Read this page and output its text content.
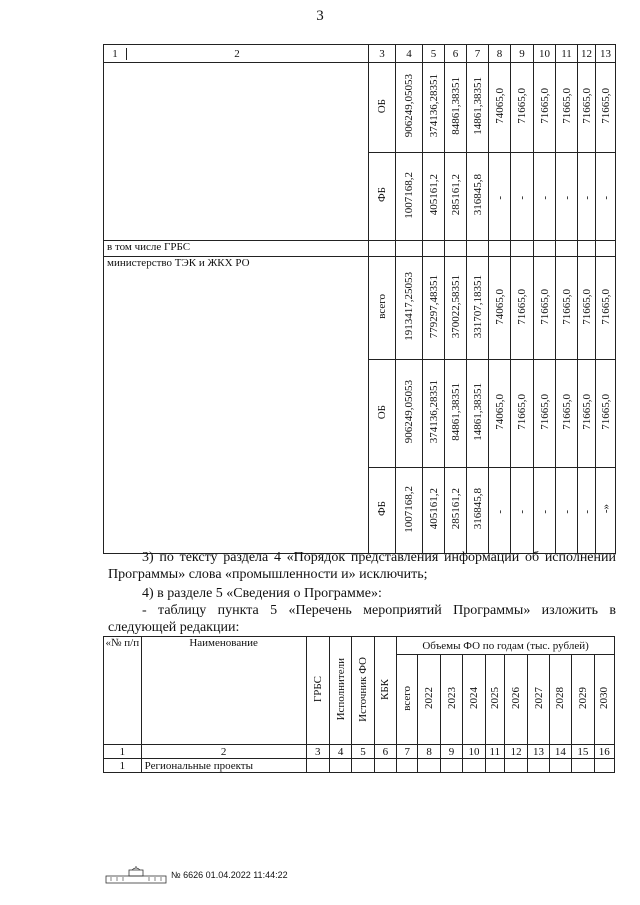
3
1 2	3	4	5	6	7	8	9	10	11	12	13
	ОБ	906249,05053	374136,28351	84861,38351	14861,38351	74065,0	71665,0	71665,0	71665,0	71665,0	71665,0
	ФБ	1007168,2	405161,2	285161,2	316845,8	-	-	-	-	-	-
в том числе ГРБС											
министерство ТЭК и ЖКХ РО	всего	1913417,25053	779297,48351	370022,58351	331707,18351	74065,0	71665,0	71665,0	71665,0	71665,0	71665,0
	ОБ	906249,05053	374136,28351	84861,38351	14861,38351	74065,0	71665,0	71665,0	71665,0	71665,0	71665,0
	ФБ	1007168,2	405161,2	285161,2	316845,8	-	-	-	-	-	-»
3) по тексту раздела 4 «Порядок представления информации об исполнении Программы» слова «промышленности и» исключить;
4) в разделе 5 «Сведения о Программе»:
- таблицу пункта 5 «Перечень мероприятий Программы» изложить в следующей редакции:
«№ п/п	Наименование	ГРБС	Исполнители	Источник ФО	КБК	Объемы ФО по годам (тыс. рублей)									
						всего	2022	2023	2024	2025	2026	2027	2028	2029	2030
1	2	3	4	5	6	7	8	9	10	11	12	13	14	15	16
1	Региональные проекты														
№ 6626 01.04.2022 11:44:22
